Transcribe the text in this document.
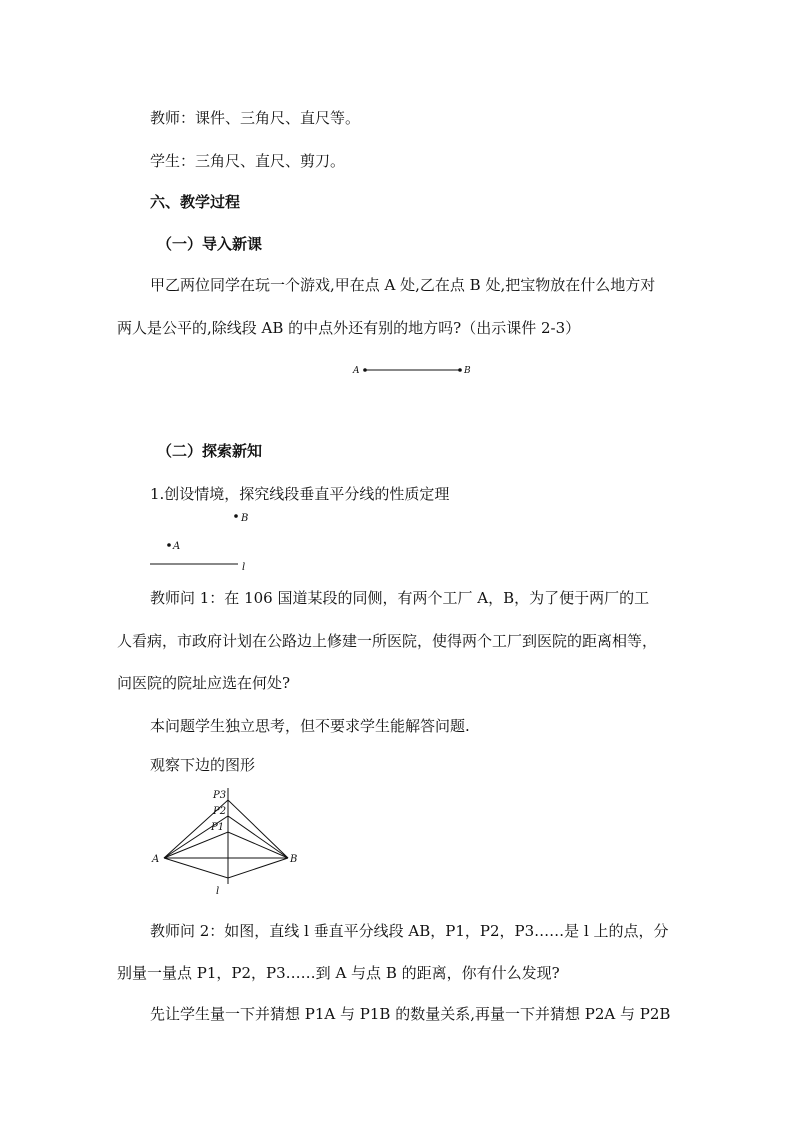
教师：课件、三角尺、直尺等。
学生：三角尺、直尺、剪刀。
六、教学过程
（一）导入新课
甲乙两位同学在玩一个游戏,甲在点 A 处,乙在点 B 处,把宝物放在什么地方对
两人是公平的,除线段 AB 的中点外还有别的地方吗?（出示课件 2-3）
A	B
（二）探索新知
1.创设情境，探究线段垂直平分线的性质定理
B
A
l
教师问 1：在 106 国道某段的同侧，有两个工厂 A，B，为了便于两厂的工
人看病，市政府计划在公路边上修建一所医院，使得两个工厂到医院的距离相等，
问医院的院址应选在何处?
本问题学生独立思考，但不要求学生能解答问题.
观察下边的图形
P3
P2
P1
A	B
l
教师问 2：如图，直线 l 垂直平分线段 AB，P1，P2，P3……是 l 上的点，分
别量一量点 P1，P2，P3……到 A 与点 B 的距离，你有什么发现?
先让学生量一下并猜想 P1A 与 P1B 的数量关系,再量一下并猜想 P2A 与 P2B
